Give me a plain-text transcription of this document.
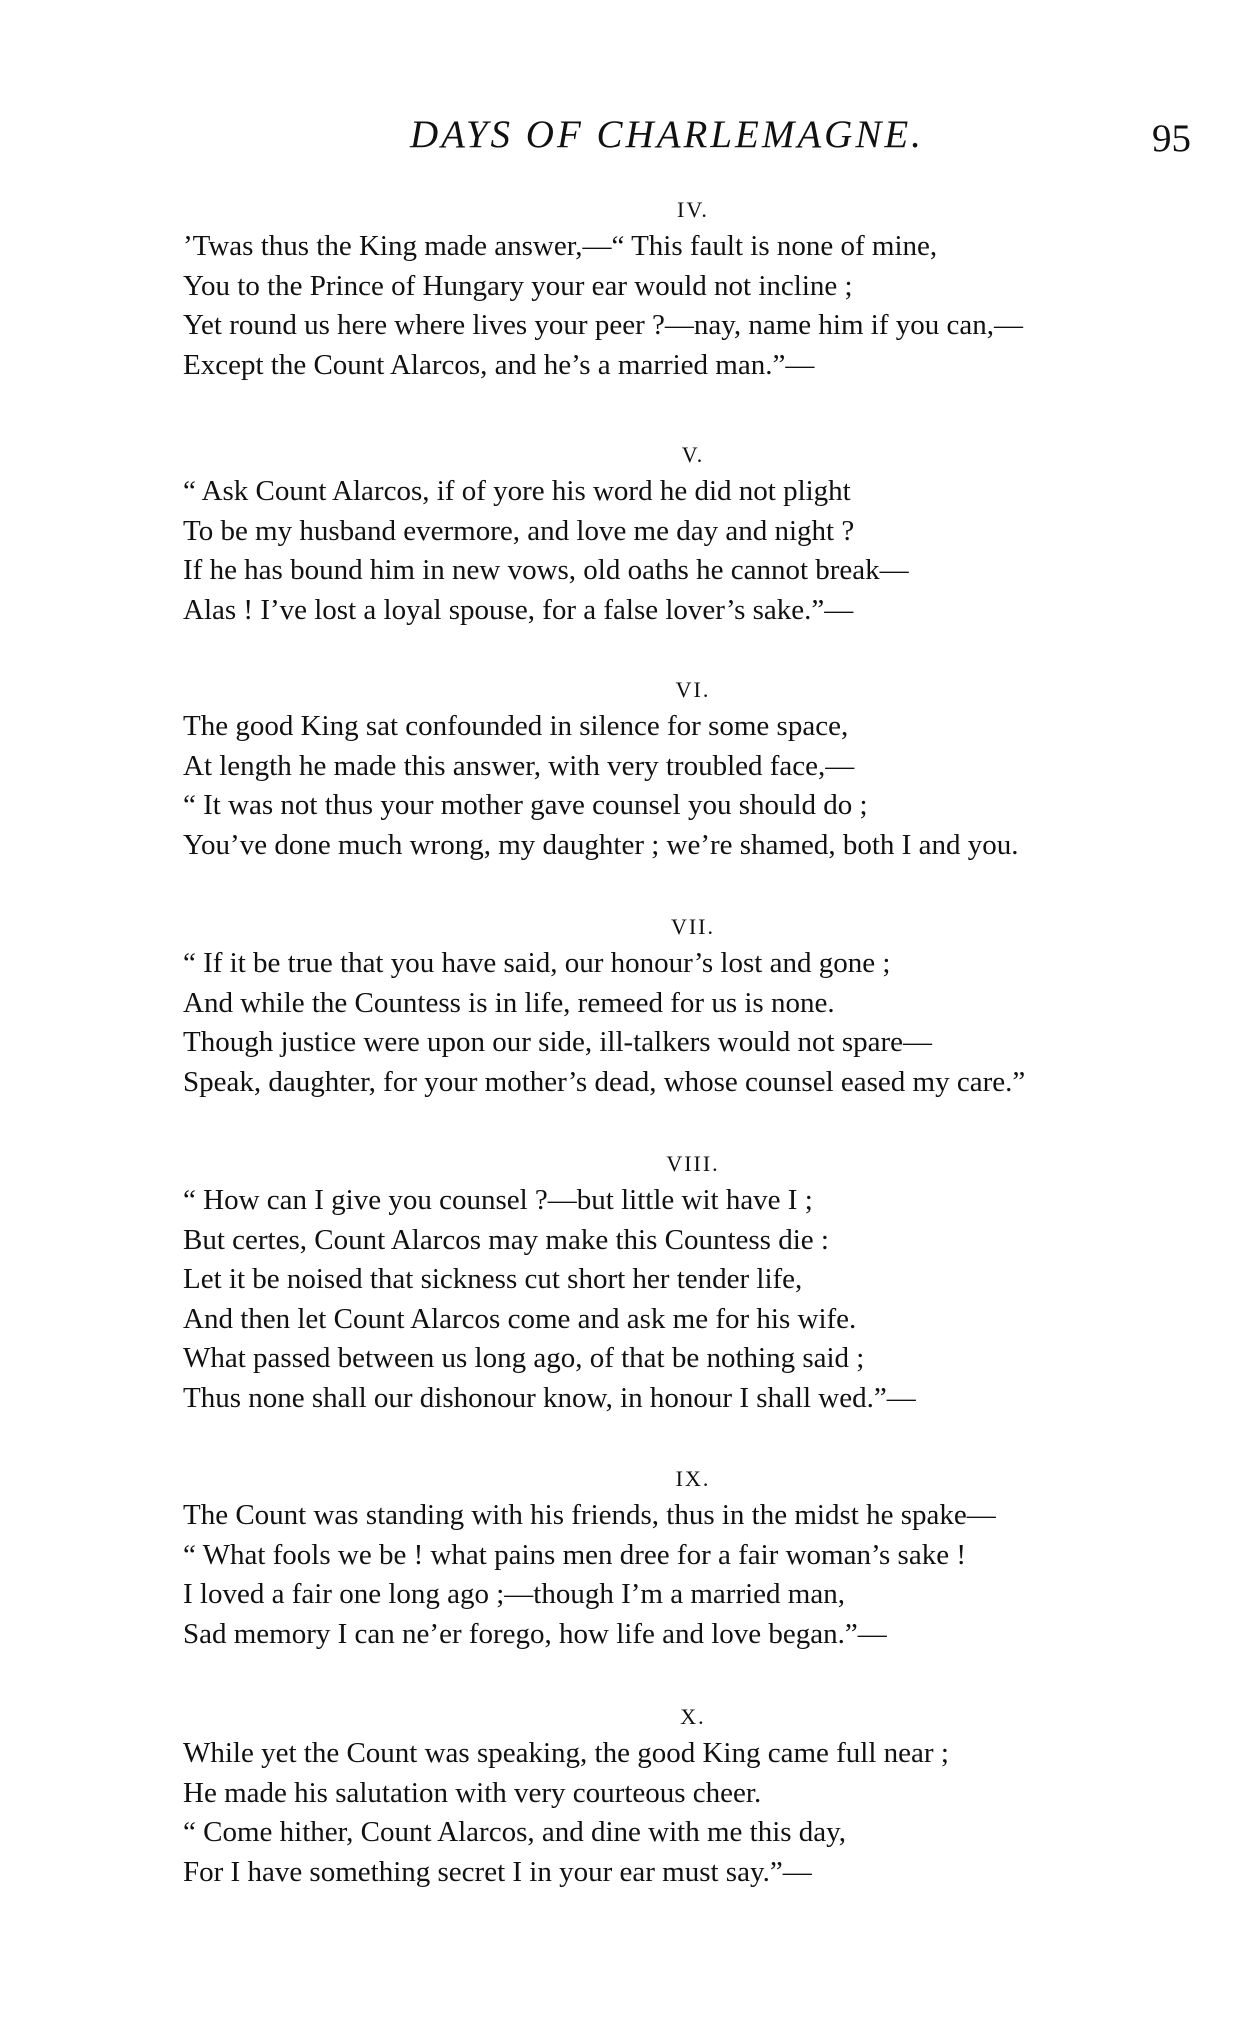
DAYS OF CHARLEMAGNE.	95
IV.
’Twas thus the King made answer,—“ This fault is none of mine,
You to the Prince of Hungary your ear would not incline ;
Yet round us here where lives your peer ?—nay, name him if you can,—
Except the Count Alarcos, and he’s a married man.”—
V.
“ Ask Count Alarcos, if of yore his word he did not plight
To be my husband evermore, and love me day and night ?
If he has bound him in new vows, old oaths he cannot break—
Alas ! I’ve lost a loyal spouse, for a false lover’s sake.”—
VI.
The good King sat confounded in silence for some space,
At length he made this answer, with very troubled face,—
“ It was not thus your mother gave counsel you should do ;
You’ve done much wrong, my daughter ; we’re shamed, both I and you.
VII.
“ If it be true that you have said, our honour’s lost and gone ;
And while the Countess is in life, remeed for us is none.
Though justice were upon our side, ill-talkers would not spare—
Speak, daughter, for your mother’s dead, whose counsel eased my care.”
VIII.
“ How can I give you counsel ?—but little wit have I ;
But certes, Count Alarcos may make this Countess die :
Let it be noised that sickness cut short her tender life,
And then let Count Alarcos come and ask me for his wife.
What passed between us long ago, of that be nothing said ;
Thus none shall our dishonour know, in honour I shall wed.”—
IX.
The Count was standing with his friends, thus in the midst he spake—
“ What fools we be ! what pains men dree for a fair woman’s sake !
I loved a fair one long ago ;—though I’m a married man,
Sad memory I can ne’er forego, how life and love began.”—
X.
While yet the Count was speaking, the good King came full near ;
He made his salutation with very courteous cheer.
“ Come hither, Count Alarcos, and dine with me this day,
For I have something secret I in your ear must say.”—
